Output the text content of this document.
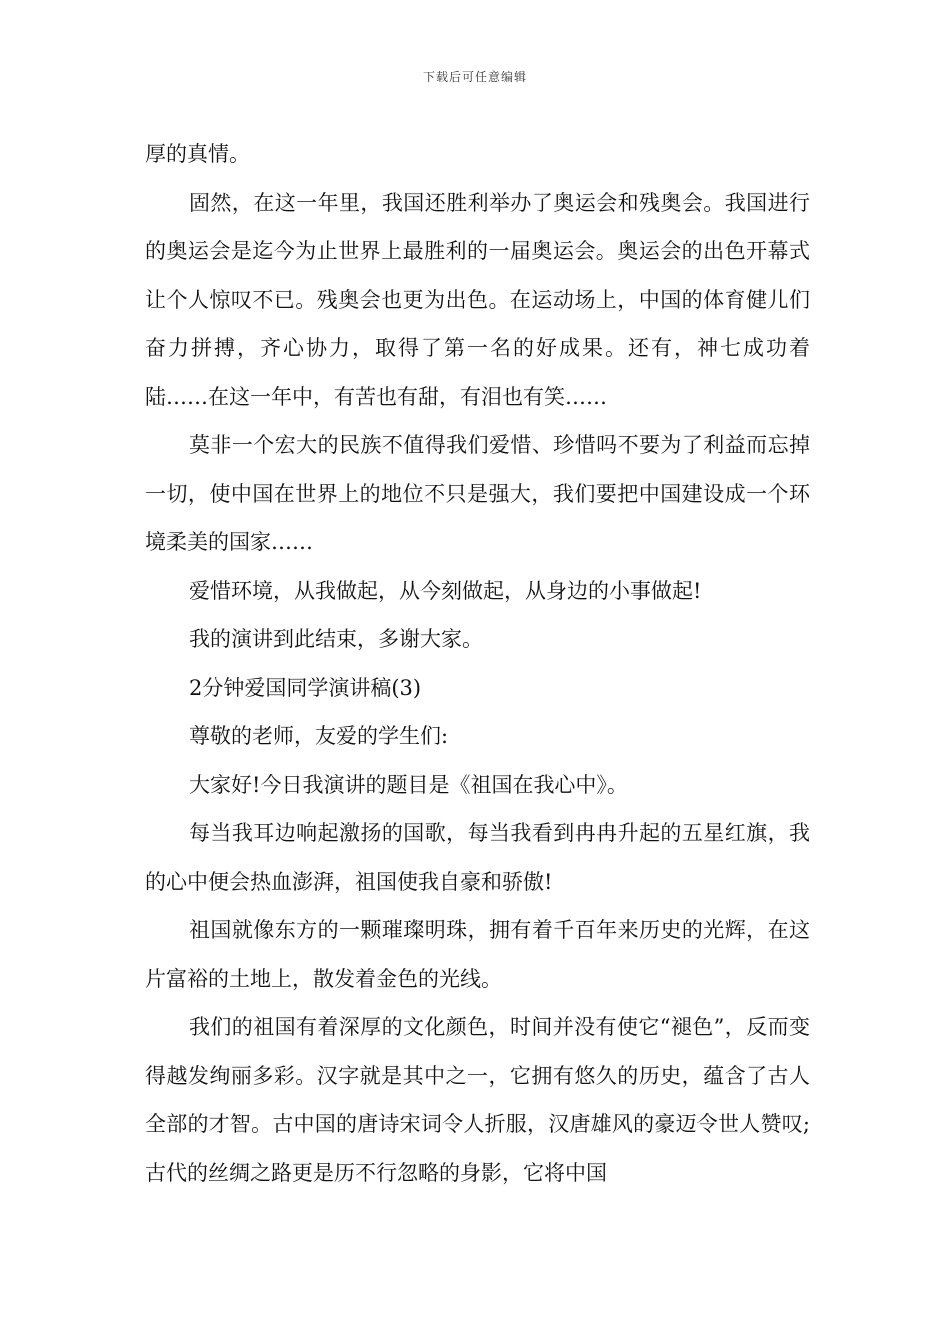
下载后可任意编辑

厚的真情。

固然，在这一年里，我国还胜利举办了奥运会和残奥会。我国进行的奥运会是迄今为止世界上最胜利的一届奥运会。奥运会的出色开幕式让个人惊叹不已。残奥会也更为出色。在运动场上，中国的体育健儿们奋力拼搏，齐心协力，取得了第一名的好成果。还有，神七成功着陆……在这一年中，有苦也有甜，有泪也有笑……

莫非一个宏大的民族不值得我们爱惜、珍惜吗不要为了利益而忘掉一切，使中国在世界上的地位不只是强大，我们要把中国建设成一个环境柔美的国家……

爱惜环境，从我做起，从今刻做起，从身边的小事做起!

我的演讲到此结束，多谢大家。

2分钟爱国同学演讲稿(3)

尊敬的老师，友爱的学生们:

大家好!今日我演讲的题目是《祖国在我心中》。

每当我耳边响起激扬的国歌，每当我看到冉冉升起的五星红旗，我的心中便会热血澎湃，祖国使我自豪和骄傲!

祖国就像东方的一颗璀璨明珠，拥有着千百年来历史的光辉，在这片富裕的土地上，散发着金色的光线。

我们的祖国有着深厚的文化颜色，时间并没有使它“褪色”，反而变得越发绚丽多彩。汉字就是其中之一，它拥有悠久的历史，蕴含了古人全部的才智。古中国的唐诗宋词令人折服，汉唐雄风的豪迈令世人赞叹;古代的丝绸之路更是历不行忽略的身影，它将中国
